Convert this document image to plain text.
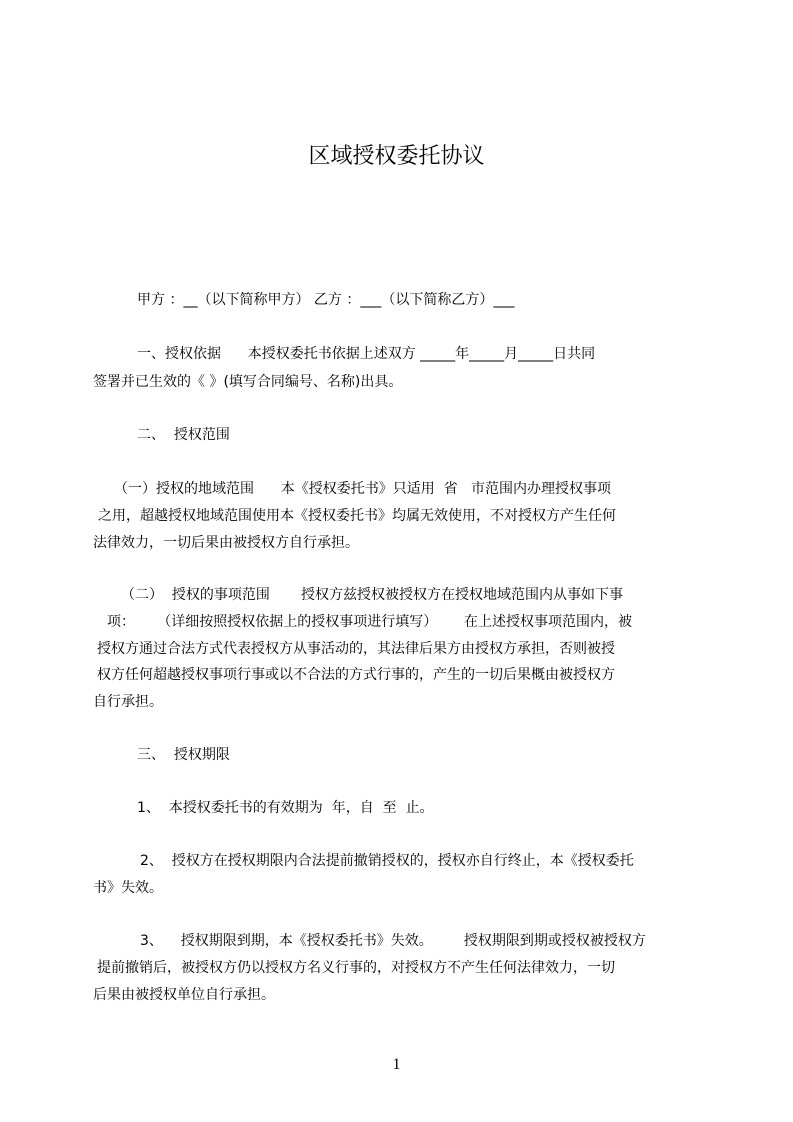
区域授权委托协议
甲方 ：__（以下简称甲方） 乙方 ：___（以下简称乙方）___
一、授权依据      本授权委托书依据上述双方 _____年_____月_____日共同
签署并已生效的《 》(填写合同编号、名称)出具。
二、  授权范围
（一）授权的地域范围      本《授权委托书》只适用  省   市范围内办理授权事项
之用，超越授权地域范围使用本《授权委托书》均属无效使用，不对授权方产生任何
法律效力，一切后果由被授权方自行承担。
（二）  授权的事项范围       授权方兹授权被授权方在授权地域范围内从事如下事
项：     （详细按照授权依据上的授权事项进行填写）      在上述授权事项范围内，被
授权方通过合法方式代表授权方从事活动的，其法律后果方由授权方承担，否则被授
权方任何超越授权事项行事或以不合法的方式行事的，产生的一切后果概由被授权方
自行承担。
三、  授权期限
1、  本授权委托书的有效期为  年，自  至  止。
2、  授权方在授权期限内合法提前撤销授权的，授权亦自行终止，本《授权委托
书》失效。
3、    授权期限到期，本《授权委托书》失效。       授权期限到期或授权被授权方
提前撤销后，被授权方仍以授权方名义行事的，对授权方不产生任何法律效力，一切
后果由被授权单位自行承担。
1
